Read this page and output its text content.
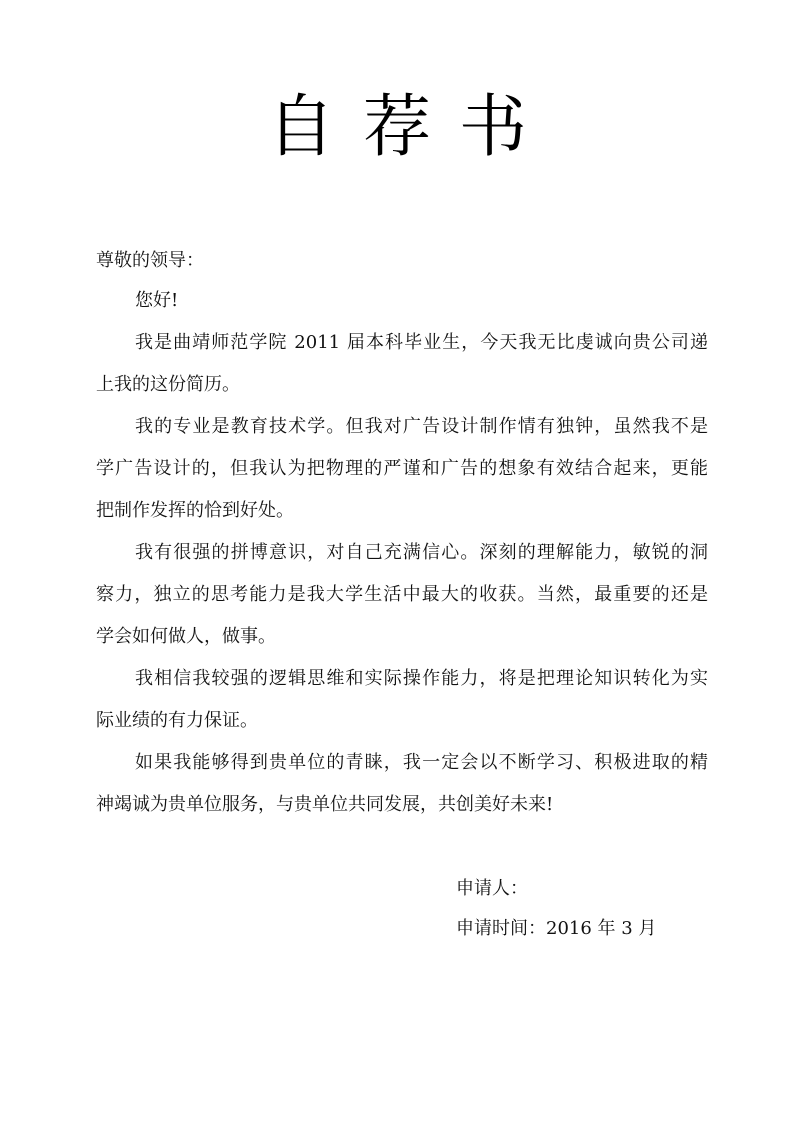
自荐书
尊敬的领导：
您好!
我是曲靖师范学院 2011 届本科毕业生，今天我无比虔诚向贵公司递
上我的这份简历。
我的专业是教育技术学。但我对广告设计制作情有独钟，虽然我不是
学广告设计的，但我认为把物理的严谨和广告的想象有效结合起来，更能
把制作发挥的恰到好处。
我有很强的拼博意识，对自己充满信心。深刻的理解能力，敏锐的洞
察力，独立的思考能力是我大学生活中最大的收获。当然，最重要的还是
学会如何做人，做事。
我相信我较强的逻辑思维和实际操作能力，将是把理论知识转化为实
际业绩的有力保证。
如果我能够得到贵单位的青睐，我一定会以不断学习、积极进取的精
神竭诚为贵单位服务，与贵单位共同发展，共创美好未来!
申请人：
申请时间：2016 年 3 月
